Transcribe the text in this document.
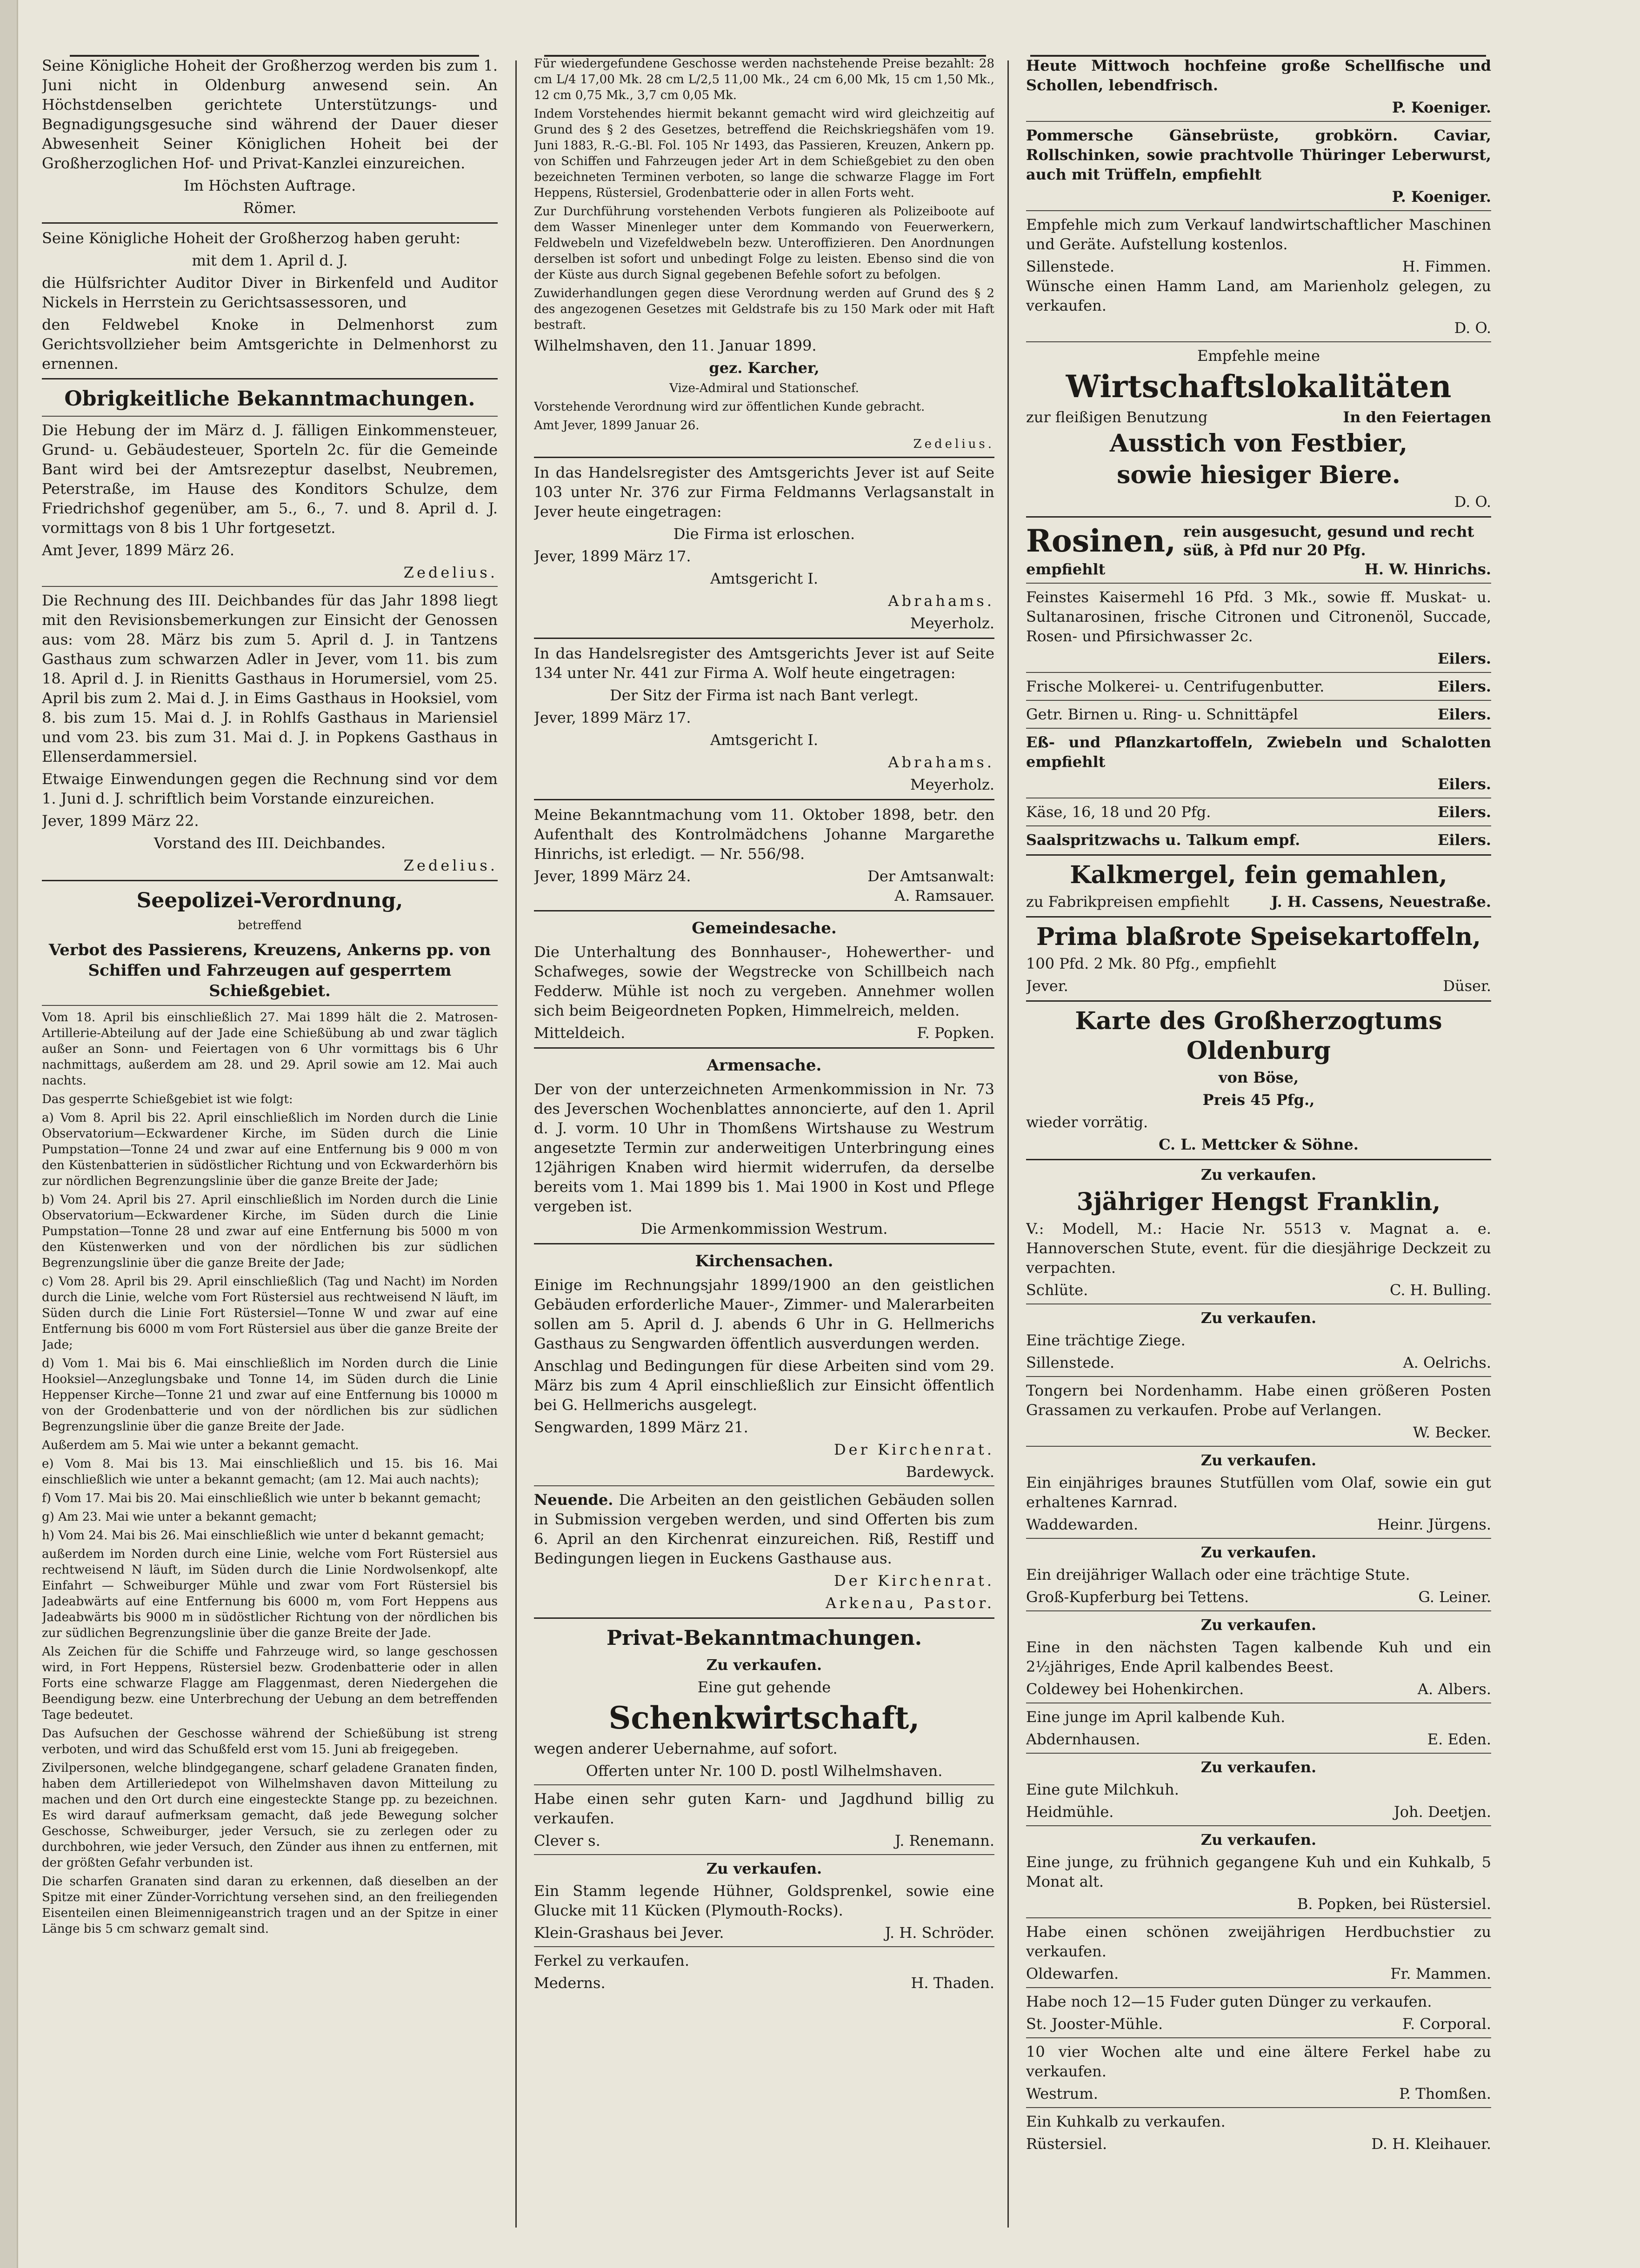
Seine Königliche Hoheit der Großherzog werden bis zum 1. Juni nicht in Oldenburg anwesend sein. An Höchstdenselben gerichtete Unterstützungs- und Begnadigungsgesuche sind während der Dauer dieser Abwesenheit Seiner Königlichen Hoheit bei der Großherzoglichen Hof- und Privat-Kanzlei einzureichen.

Im Höchsten Auftrage.

Römer.

Seine Königliche Hoheit der Großherzog haben geruht:

mit dem 1. April d. J.

die Hülfsrichter Auditor Diver in Birkenfeld und Auditor Nickels in Herrstein zu Gerichtsassessoren, und

den Feldwebel Knoke in Delmenhorst zum Gerichtsvollzieher beim Amtsgerichte in Delmenhorst zu ernennen.

Obrigkeitliche Bekanntmachungen.

Die Hebung der im März d. J. fälligen Einkommensteuer, Grund- u. Gebäudesteuer, Sporteln 2c. für die Gemeinde Bant wird bei der Amtsrezeptur daselbst, Neubremen, Peterstraße, im Hause des Konditors Schulze, dem Friedrichshof gegenüber, am 5., 6., 7. und 8. April d. J. vormittags von 8 bis 1 Uhr fortgesetzt.

Amt Jever, 1899 März 26.

Zedelius.

Die Rechnung des III. Deichbandes für das Jahr 1898 liegt mit den Revisionsbemerkungen zur Einsicht der Genossen aus: vom 28. März bis zum 5. April d. J. in Tantzens Gasthaus zum schwarzen Adler in Jever, vom 11. bis zum 18. April d. J. in Rienitts Gasthaus in Horumersiel, vom 25. April bis zum 2. Mai d. J. in Eims Gasthaus in Hooksiel, vom 8. bis zum 15. Mai d. J. in Rohlfs Gasthaus in Mariensiel und vom 23. bis zum 31. Mai d. J. in Popkens Gasthaus in Ellenserdammersiel.

Etwaige Einwendungen gegen die Rechnung sind vor dem 1. Juni d. J. schriftlich beim Vorstande einzureichen.

Jever, 1899 März 22.

Vorstand des III. Deichbandes.

Zedelius.

Seepolizei-Verordnung,

betreffend

Verbot des Passierens, Kreuzens, Ankerns pp. von Schiffen und Fahrzeugen auf gesperrtem Schießgebiet.

Vom 18. April bis einschließlich 27. Mai 1899 hält die 2. Matrosen-Artillerie-Abteilung auf der Jade eine Schießübung ab und zwar täglich außer an Sonn- und Feiertagen von 6 Uhr vormittags bis 6 Uhr nachmittags, außerdem am 28. und 29. April sowie am 12. Mai auch nachts.

Das gesperrte Schießgebiet ist wie folgt:

a) Vom 8. April bis 22. April einschließlich im Norden durch die Linie Observatorium—Eckwardener Kirche, im Süden durch die Linie Pumpstation—Tonne 24 und zwar auf eine Entfernung bis 9 000 m von den Küstenbatterien in südöstlicher Richtung und von Eckwarderhörn bis zur nördlichen Begrenzungslinie über die ganze Breite der Jade;

b) Vom 24. April bis 27. April einschließlich im Norden durch die Linie Observatorium—Eckwardener Kirche, im Süden durch die Linie Pumpstation—Tonne 28 und zwar auf eine Entfernung bis 5000 m von den Küstenwerken und von der nördlichen bis zur südlichen Begrenzungslinie über die ganze Breite der Jade;

c) Vom 28. April bis 29. April einschließlich (Tag und Nacht) im Norden durch die Linie, welche vom Fort Rüstersiel aus rechtweisend N läuft, im Süden durch die Linie Fort Rüstersiel—Tonne W und zwar auf eine Entfernung bis 6000 m vom Fort Rüstersiel aus über die ganze Breite der Jade;

d) Vom 1. Mai bis 6. Mai einschließlich im Norden durch die Linie Hooksiel—Anzeglungsbake und Tonne 14, im Süden durch die Linie Heppenser Kirche—Tonne 21 und zwar auf eine Entfernung bis 10000 m von der Grodenbatterie und von der nördlichen bis zur südlichen Begrenzungslinie über die ganze Breite der Jade.

Außerdem am 5. Mai wie unter a bekannt gemacht.

e) Vom 8. Mai bis 13. Mai einschließlich und 15. bis 16. Mai einschließlich wie unter a bekannt gemacht; (am 12. Mai auch nachts);

f) Vom 17. Mai bis 20. Mai einschließlich wie unter b bekannt gemacht;

g) Am 23. Mai wie unter a bekannt gemacht;

h) Vom 24. Mai bis 26. Mai einschließlich wie unter d bekannt gemacht;

außerdem im Norden durch eine Linie, welche vom Fort Rüstersiel aus rechtweisend N läuft, im Süden durch die Linie Nordwolsenkopf, alte Einfahrt — Schweiburger Mühle und zwar vom Fort Rüstersiel bis Jadeabwärts auf eine Entfernung bis 6000 m, vom Fort Heppens aus Jadeabwärts bis 9000 m in südöstlicher Richtung von der nördlichen bis zur südlichen Begrenzungslinie über die ganze Breite der Jade.

Als Zeichen für die Schiffe und Fahrzeuge wird, so lange geschossen wird, in Fort Heppens, Rüstersiel bezw. Grodenbatterie oder in allen Forts eine schwarze Flagge am Flaggenmast, deren Niedergehen die Beendigung bezw. eine Unterbrechung der Uebung an dem betreffenden Tage bedeutet.

Das Aufsuchen der Geschosse während der Schießübung ist streng verboten, und wird das Schußfeld erst vom 15. Juni ab freigegeben.

Zivilpersonen, welche blindgegangene, scharf geladene Granaten finden, haben dem Artilleriedepot von Wilhelmshaven davon Mitteilung zu machen und den Ort durch eine eingesteckte Stange pp. zu bezeichnen. Es wird darauf aufmerksam gemacht, daß jede Bewegung solcher Geschosse, Schweiburger, jeder Versuch, sie zu zerlegen oder zu durchbohren, wie jeder Versuch, den Zünder aus ihnen zu entfernen, mit der größten Gefahr verbunden ist.

Die scharfen Granaten sind daran zu erkennen, daß dieselben an der Spitze mit einer Zünder-Vorrichtung versehen sind, an den freiliegenden Eisenteilen einen Bleimennigeanstrich tragen und an der Spitze in einer Länge bis 5 cm schwarz gemalt sind.

Für wiedergefundene Geschosse werden nachstehende Preise bezahlt: 28 cm L/4 17,00 Mk. 28 cm L/2,5 11,00 Mk., 24 cm 6,00 Mk, 15 cm 1,50 Mk., 12 cm 0,75 Mk., 3,7 cm 0,05 Mk.

Indem Vorstehendes hiermit bekannt gemacht wird wird gleichzeitig auf Grund des § 2 des Gesetzes, betreffend die Reichskriegshäfen vom 19. Juni 1883, R.-G.-Bl. Fol. 105 Nr 1493, das Passieren, Kreuzen, Ankern pp. von Schiffen und Fahrzeugen jeder Art in dem Schießgebiet zu den oben bezeichneten Terminen verboten, so lange die schwarze Flagge im Fort Heppens, Rüstersiel, Grodenbatterie oder in allen Forts weht.

Zur Durchführung vorstehenden Verbots fungieren als Polizeiboote auf dem Wasser Minenleger unter dem Kommando von Feuerwerkern, Feldwebeln und Vizefeldwebeln bezw. Unteroffizieren. Den Anordnungen derselben ist sofort und unbedingt Folge zu leisten. Ebenso sind die von der Küste aus durch Signal gegebenen Befehle sofort zu befolgen.

Zuwiderhandlungen gegen diese Verordnung werden auf Grund des § 2 des angezogenen Gesetzes mit Geldstrafe bis zu 150 Mark oder mit Haft bestraft.

Wilhelmshaven, den 11. Januar 1899.

gez. Karcher,

Vize-Admiral und Stationschef.

Vorstehende Verordnung wird zur öffentlichen Kunde gebracht.

Amt Jever, 1899 Januar 26.

Zedelius.

In das Handelsregister des Amtsgerichts Jever ist auf Seite 103 unter Nr. 376 zur Firma Feldmanns Verlagsanstalt in Jever heute eingetragen:

Die Firma ist erloschen.

Jever, 1899 März 17.

Amtsgericht I.

Abrahams.

Meyerholz.

In das Handelsregister des Amtsgerichts Jever ist auf Seite 134 unter Nr. 441 zur Firma A. Wolf heute eingetragen:

Der Sitz der Firma ist nach Bant verlegt.

Jever, 1899 März 17.

Amtsgericht I.

Abrahams.

Meyerholz.

Meine Bekanntmachung vom 11. Oktober 1898, betr. den Aufenthalt des Kontrolmädchens Johanne Margarethe Hinrichs, ist erledigt. — Nr. 556/98.

Jever, 1899 März 24.	Der Amtsanwalt:

A. Ramsauer.

Gemeindesache.

Die Unterhaltung des Bonnhauser-, Hohewerther- und Schafweges, sowie der Wegstrecke von Schillbeich nach Fedderw. Mühle ist noch zu vergeben. Annehmer wollen sich beim Beigeordneten Popken, Himmelreich, melden.

Mitteldeich.	F. Popken.
Armensache.

Der von der unterzeichneten Armenkommission in Nr. 73 des Jeverschen Wochenblattes annoncierte, auf den 1. April d. J. vorm. 10 Uhr in Thomßens Wirtshause zu Westrum angesetzte Termin zur anderweitigen Unterbringung eines 12jährigen Knaben wird hiermit widerrufen, da derselbe bereits vom 1. Mai 1899 bis 1. Mai 1900 in Kost und Pflege vergeben ist.

Die Armenkommission Westrum.

Kirchensachen.

Einige im Rechnungsjahr 1899/1900 an den geistlichen Gebäuden erforderliche Mauer-, Zimmer- und Malerarbeiten sollen am 5. April d. J. abends 6 Uhr in G. Hellmerichs Gasthaus zu Sengwarden öffentlich ausverdungen werden.

Anschlag und Bedingungen für diese Arbeiten sind vom 29. März bis zum 4 April einschließlich zur Einsicht öffentlich bei G. Hellmerichs ausgelegt.

Sengwarden, 1899 März 21.

Der Kirchenrat.

Bardewyck.

Neuende. Die Arbeiten an den geistlichen Gebäuden sollen in Submission vergeben werden, und sind Offerten bis zum 6. April an den Kirchenrat einzureichen. Riß, Restiff und Bedingungen liegen in Euckens Gasthause aus.

Der Kirchenrat.

Arkenau, Pastor.

Privat-Bekanntmachungen.

Zu verkaufen.

Eine gut gehende

Schenkwirtschaft,

wegen anderer Uebernahme, auf sofort.

Offerten unter Nr. 100 D. postl Wilhelmshaven.

Habe einen sehr guten Karn- und Jagdhund billig zu verkaufen.

Clever s.	J. Renemann.

Zu verkaufen.

Ein Stamm legende Hühner, Goldsprenkel, sowie eine Glucke mit 11 Kücken (Plymouth-Rocks).

Klein-Grashaus bei Jever.	J. H. Schröder.

Ferkel zu verkaufen.

Mederns.	H. Thaden.

Heute Mittwoch hochfeine große Schellfische und Schollen, lebendfrisch.

P. Koeniger.

Pommersche Gänsebrüste, grobkörn. Caviar, Rollschinken, sowie prachtvolle Thüringer Leberwurst, auch mit Trüffeln, empfiehlt

P. Koeniger.

Empfehle mich zum Verkauf landwirtschaftlicher Maschinen und Geräte. Aufstellung kostenlos.

Sillenstede.	H. Fimmen.

Wünsche einen Hamm Land, am Marienholz gelegen, zu verkaufen.

D. O.

Empfehle meine

Wirtschaftslokalitäten
zur fleißigen Benutzung	In den Feiertagen
Ausstich von Festbier,
sowie hiesiger Biere.

D. O.

Rosinen, rein ausgesucht, gesund und recht süß, à Pfd nur 20 Pfg.
empfiehlt	H. W. Hinrichs.

Feinstes Kaisermehl 16 Pfd. 3 Mk., sowie ff. Muskat- u. Sultanarosinen, frische Citronen und Citronenöl, Succade, Rosen- und Pfirsichwasser 2c.

Eilers.

Frische Molkerei- u. Centrifugenbutter.	Eilers.
Getr. Birnen u. Ring- u. Schnittäpfel	Eilers.

Eß- und Pflanzkartoffeln, Zwiebeln und Schalotten empfiehlt

Eilers.

Käse, 16, 18 und 20 Pfg.	Eilers.
Saalspritzwachs u. Talkum empf.	Eilers.
Kalkmergel, fein gemahlen,
zu Fabrikpreisen empfiehlt	J. H. Cassens, Neuestraße.
Prima blaßrote Speisekartoffeln,

100 Pfd. 2 Mk. 80 Pfg., empfiehlt

Jever.	Düser.
Karte des Großherzogtums Oldenburg

von Böse,

Preis 45 Pfg.,

wieder vorrätig.

C. L. Mettcker & Söhne.

Zu verkaufen.

3jähriger Hengst Franklin,

V.: Modell, M.: Hacie Nr. 5513 v. Magnat a. e. Hannoverschen Stute, event. für die diesjährige Deckzeit zu verpachten.

Schlüte.	C. H. Bulling.

Zu verkaufen.

Eine trächtige Ziege.

Sillenstede.	A. Oelrichs.

Tongern bei Nordenhamm. Habe einen größeren Posten Grassamen zu verkaufen. Probe auf Verlangen.

W. Becker.

Zu verkaufen.

Ein einjähriges braunes Stutfüllen vom Olaf, sowie ein gut erhaltenes Karnrad.

Waddewarden.	Heinr. Jürgens.

Zu verkaufen.

Ein dreijähriger Wallach oder eine trächtige Stute.

Groß-Kupferburg bei Tettens.	G. Leiner.

Zu verkaufen.

Eine in den nächsten Tagen kalbende Kuh und ein 2½jähriges, Ende April kalbendes Beest.

Coldewey bei Hohenkirchen.	A. Albers.

Eine junge im April kalbende Kuh.

Abdernhausen.	E. Eden.

Zu verkaufen.

Eine gute Milchkuh.

Heidmühle.	Joh. Deetjen.

Zu verkaufen.

Eine junge, zu frühnich gegangene Kuh und ein Kuhkalb, 5 Monat alt.

B. Popken, bei Rüstersiel.

Habe einen schönen zweijährigen Herdbuchstier zu verkaufen.

Oldewarfen.	Fr. Mammen.

Habe noch 12—15 Fuder guten Dünger zu verkaufen.

St. Jooster-Mühle.	F. Corporal.

10 vier Wochen alte und eine ältere Ferkel habe zu verkaufen.

Westrum.	P. Thomßen.

Ein Kuhkalb zu verkaufen.

Rüstersiel.	D. H. Kleihauer.
